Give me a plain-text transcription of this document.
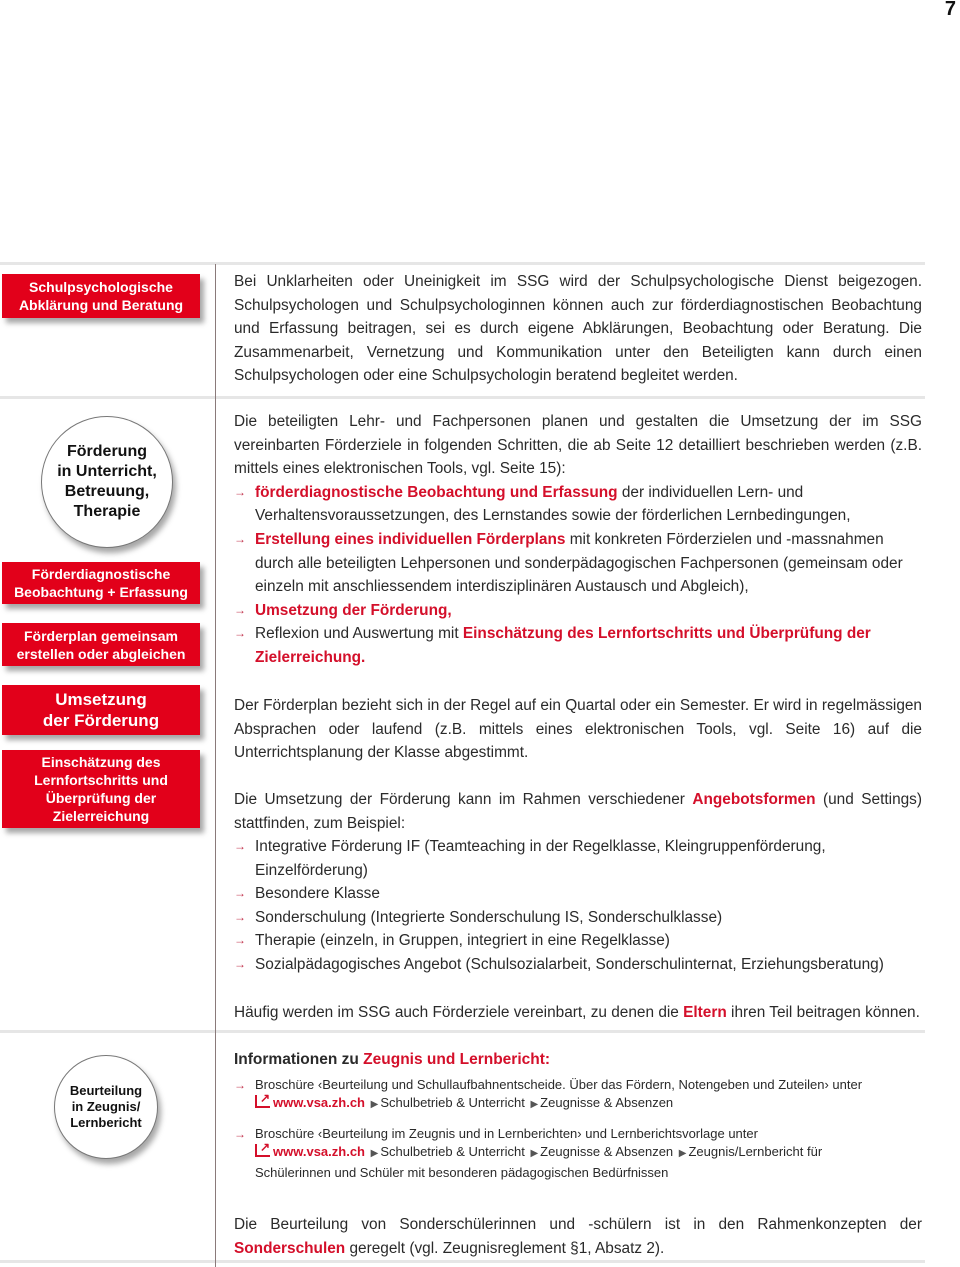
7
Schulpsychologische
Abklärung und Beratung
Förderung
in Unterricht,
Betreuung,
Therapie
Förderdiagnostische
Beobachtung + Erfassung
Förderplan gemeinsam
erstellen oder abgleichen
Umsetzung
der Förderung
Einschätzung des
Lernfortschritts und
Überprüfung der
Zielerreichung
Beurteilung
in Zeugnis/
Lernbericht
Bei Unklarheiten oder Uneinigkeit im SSG wird der Schulpsychologische Dienst beigezogen. Schulpsychologen und Schulpsychologinnen können auch zur förderdiagnostischen Beobachtung und Erfassung beitragen, sei es durch eigene Abklärungen, Beobachtung oder Beratung. Die Zusammenarbeit, Vernetzung und Kommunikation unter den Beteiligten kann durch einen Schulpsychologen oder eine Schulpsychologin beratend begleitet werden.
Die beteiligten Lehr- und Fachpersonen planen und gestalten die Umsetzung der im SSG vereinbarten Förderziele in folgenden Schritten, die ab Seite 12 detailliert beschrieben werden (z.B. mittels eines elektronischen Tools, vgl. Seite 15):
→ förderdiagnostische Beobachtung und Erfassung der individuellen Lern- und Verhaltensvoraussetzungen, des Lernstandes sowie der förderlichen Lernbedingungen,
→ Erstellung eines individuellen Förderplans mit konkreten Förderzielen und -massnahmen durch alle beteiligten Lehpersonen und sonderpädagogischen Fachpersonen (gemeinsam oder einzeln mit anschliessendem interdisziplinären Austausch und Abgleich),
→ Umsetzung der Förderung,
→ Reflexion und Auswertung mit Einschätzung des Lernfortschritts und Überprüfung der Zielerreichung.
Der Förderplan bezieht sich in der Regel auf ein Quartal oder ein Semester. Er wird in regelmässigen Absprachen oder laufend (z.B. mittels eines elektronischen Tools, vgl. Seite 16) auf die Unterrichtsplanung der Klasse abgestimmt.
Die Umsetzung der Förderung kann im Rahmen verschiedener Angebotsformen (und Settings) stattfinden, zum Beispiel:
→ Integrative Förderung IF (Teamteaching in der Regelklasse, Kleingruppenförderung, Einzelförderung)
→ Besondere Klasse
→ Sonderschulung (Integrierte Sonderschulung IS, Sonderschulklasse)
→ Therapie (einzeln, in Gruppen, integriert in eine Regelklasse)
→ Sozialpädagogisches Angebot (Schulsozialarbeit, Sonderschulinternat, Erziehungsberatung)
Häufig werden im SSG auch Förderziele vereinbart, zu denen die Eltern ihren Teil beitragen können.
Informationen zu Zeugnis und Lernbericht:
→ Broschüre ‹Beurteilung und Schullaufbahnentscheide. Über das Fördern, Notengeben und Zuteilen› unter
↗www.vsa.zh.ch ▶ Schulbetrieb & Unterricht ▶ Zeugnisse & Absenzen
→ Broschüre ‹Beurteilung im Zeugnis und in Lernberichten› und Lernberichtsvorlage unter
↗www.vsa.zh.ch ▶ Schulbetrieb & Unterricht ▶ Zeugnisse & Absenzen ▶ Zeugnis/Lernbericht für
Schülerinnen und Schüler mit besonderen pädagogischen Bedürfnissen
Die Beurteilung von Sonderschülerinnen und -schülern ist in den Rahmenkonzepten der Sonderschulen geregelt (vgl. Zeugnisreglement §1, Absatz 2).
